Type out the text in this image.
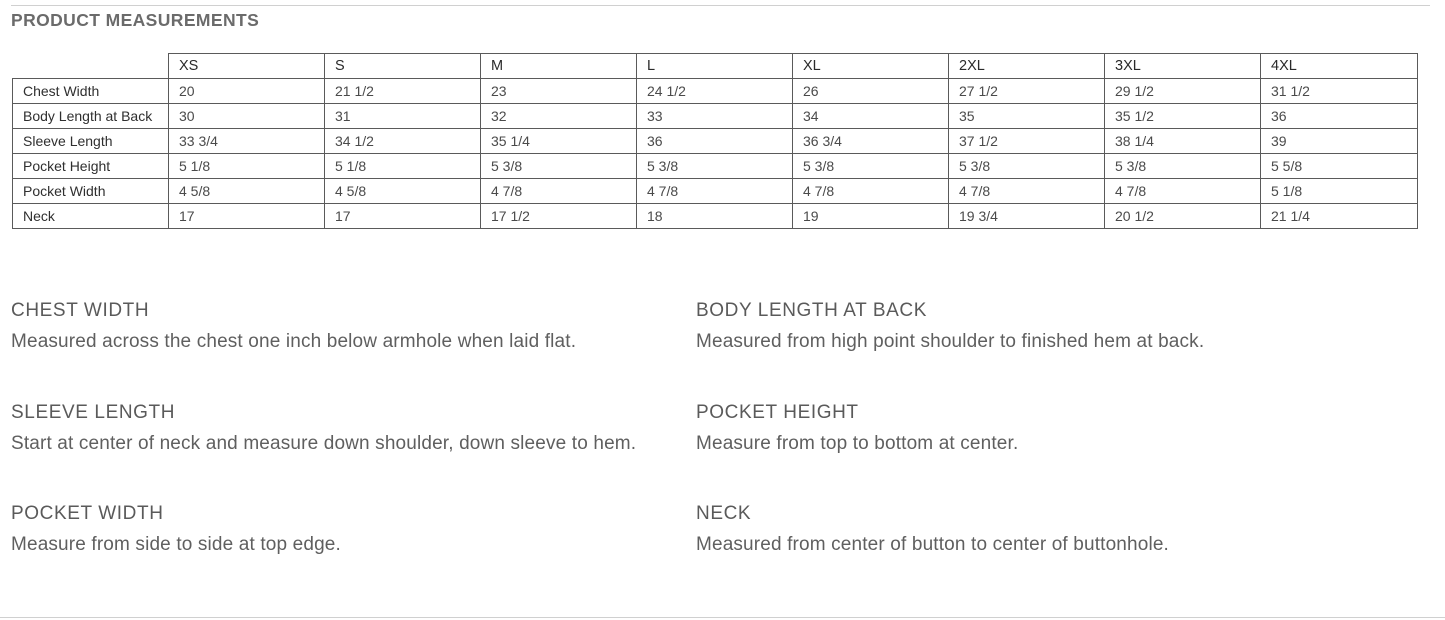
PRODUCT MEASUREMENTS
	XS	S	M	L	XL	2XL	3XL	4XL
Chest Width	20	21 1/2	23	24 1/2	26	27 1/2	29 1/2	31 1/2
Body Length at Back	30	31	32	33	34	35	35 1/2	36
Sleeve Length	33 3/4	34 1/2	35 1/4	36	36 3/4	37 1/2	38 1/4	39
Pocket Height	5 1/8	5 1/8	5 3/8	5 3/8	5 3/8	5 3/8	5 3/8	5 5/8
Pocket Width	4 5/8	4 5/8	4 7/8	4 7/8	4 7/8	4 7/8	4 7/8	5 1/8
Neck	17	17	17 1/2	18	19	19 3/4	20 1/2	21 1/4
CHEST WIDTH
Measured across the chest one inch below armhole when laid flat.
BODY LENGTH AT BACK
Measured from high point shoulder to finished hem at back.
SLEEVE LENGTH
Start at center of neck and measure down shoulder, down sleeve to hem.
POCKET HEIGHT
Measure from top to bottom at center.
POCKET WIDTH
Measure from side to side at top edge.
NECK
Measured from center of button to center of buttonhole.
